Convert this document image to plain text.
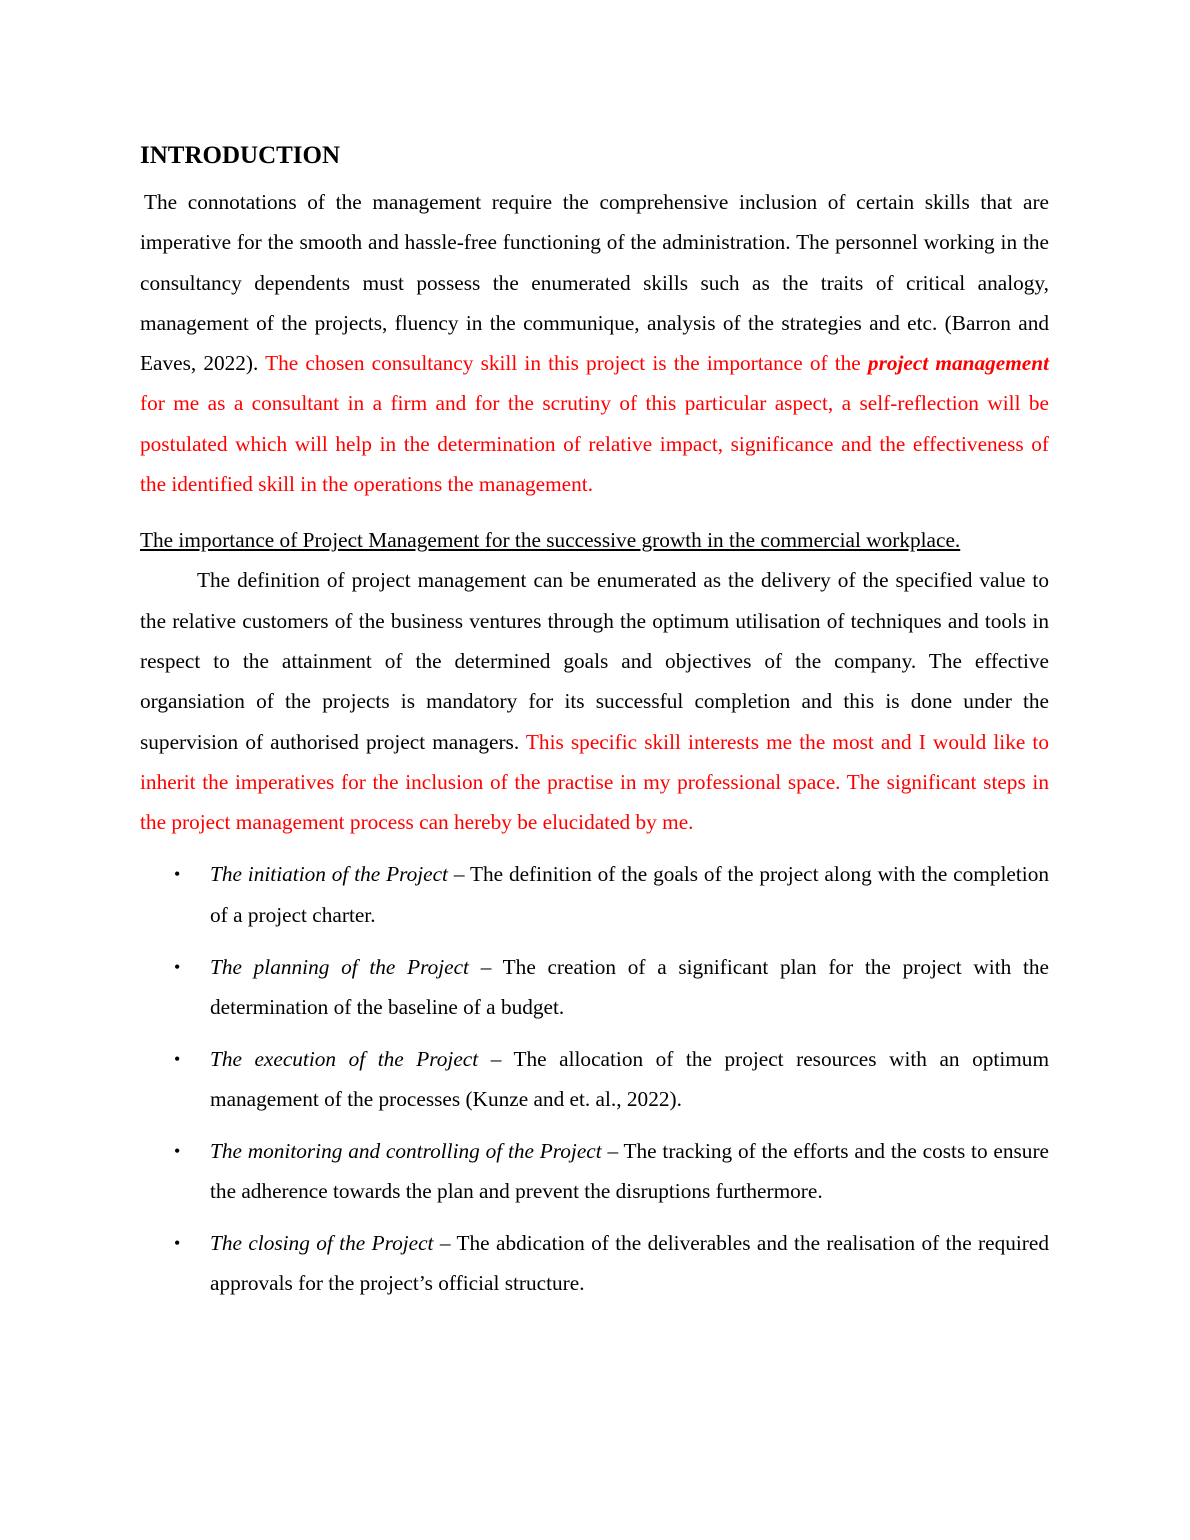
INTRODUCTION

The connotations of the management require the comprehensive inclusion of certain skills that are imperative for the smooth and hassle-free functioning of the administration. The personnel working in the consultancy dependents must possess the enumerated skills such as the traits of critical analogy, management of the projects, fluency in the communique, analysis of the strategies and etc. (Barron and Eaves, 2022). The chosen consultancy skill in this project is the importance of the project management for me as a consultant in a firm and for the scrutiny of this particular aspect, a self-reflection will be postulated which will help in the determination of relative impact, significance and the effectiveness of the identified skill in the operations the management.

The importance of Project Management for the successive growth in the commercial workplace.

The definition of project management can be enumerated as the delivery of the specified value to the relative customers of the business ventures through the optimum utilisation of techniques and tools in respect to the attainment of the determined goals and objectives of the company. The effective organsiation of the projects is mandatory for its successful completion and this is done under the supervision of authorised project managers. This specific skill interests me the most and I would like to inherit the imperatives for the inclusion of the practise in my professional space. The significant steps in the project management process can hereby be elucidated by me.

• The initiation of the Project – The definition of the goals of the project along with the completion of a project charter.
• The planning of the Project – The creation of a significant plan for the project with the determination of the baseline of a budget.
• The execution of the Project – The allocation of the project resources with an optimum management of the processes (Kunze and et. al., 2022).
• The monitoring and controlling of the Project – The tracking of the efforts and the costs to ensure the adherence towards the plan and prevent the disruptions furthermore.
• The closing of the Project – The abdication of the deliverables and the realisation of the required approvals for the project’s official structure.
